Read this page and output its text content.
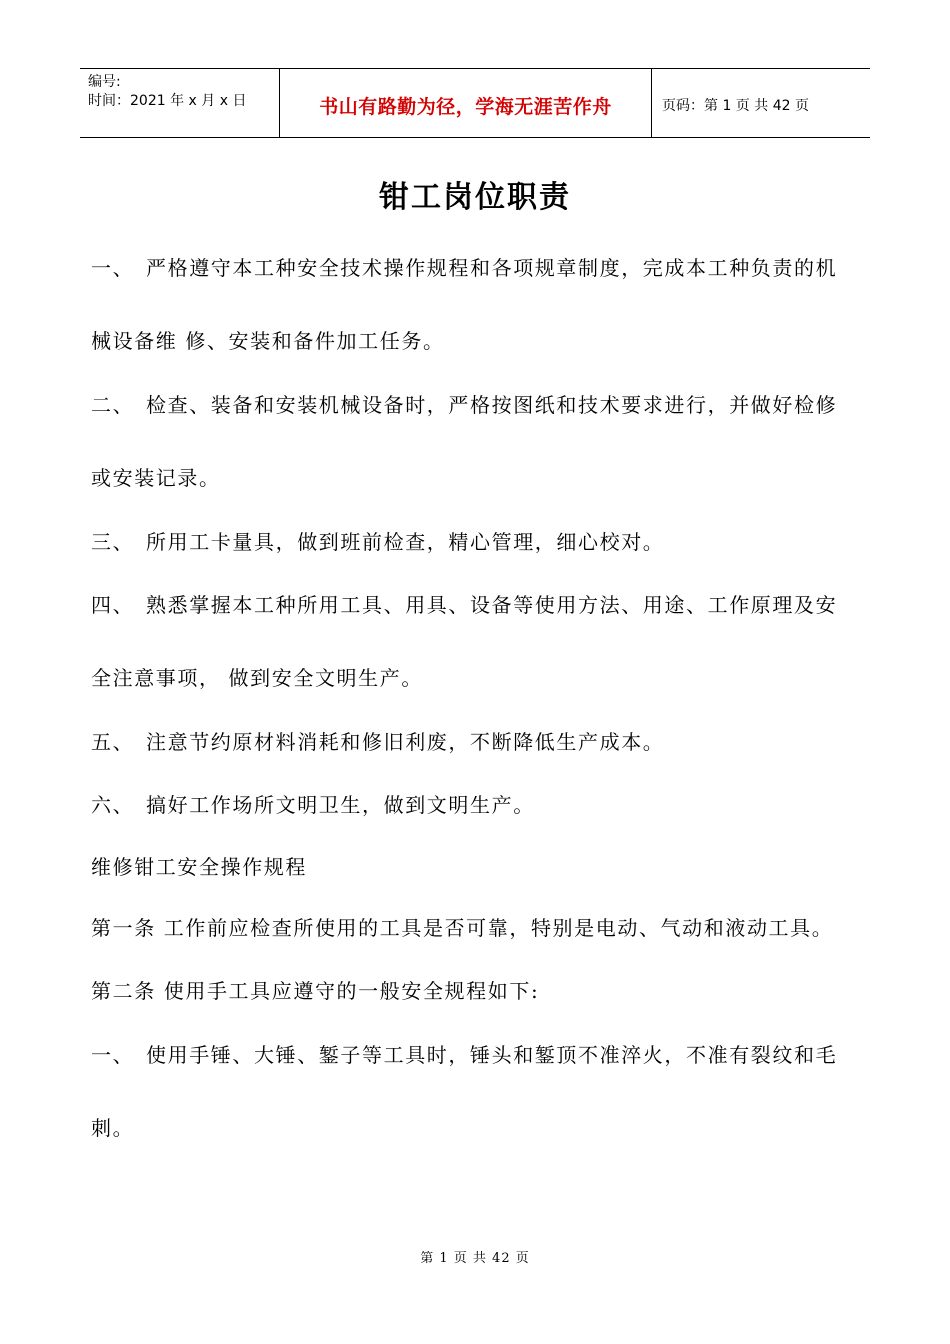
编号:
时间：2021 年 x 月 x 日	书山有路勤为径，学海无涯苦作舟	页码：第 1 页 共 42 页
钳工岗位职责
一、 严格遵守本工种安全技术操作规程和各项规章制度，完成本工种负责的机
械设备维 修、安装和备件加工任务。
二、 检查、装备和安装机械设备时，严格按图纸和技术要求进行，并做好检修
或安装记录。
三、 所用工卡量具，做到班前检查，精心管理，细心校对。
四、 熟悉掌握本工种所用工具、用具、设备等使用方法、用途、工作原理及安
全注意事项， 做到安全文明生产。
五、 注意节约原材料消耗和修旧利废，不断降低生产成本。
六、 搞好工作场所文明卫生，做到文明生产。
维修钳工安全操作规程
第一条 工作前应检查所使用的工具是否可靠，特别是电动、气动和液动工具。
第二条 使用手工具应遵守的一般安全规程如下:
一、 使用手锤、大锤、錾子等工具时，锤头和錾顶不准淬火，不准有裂纹和毛
刺。
第 1 页 共 42 页
